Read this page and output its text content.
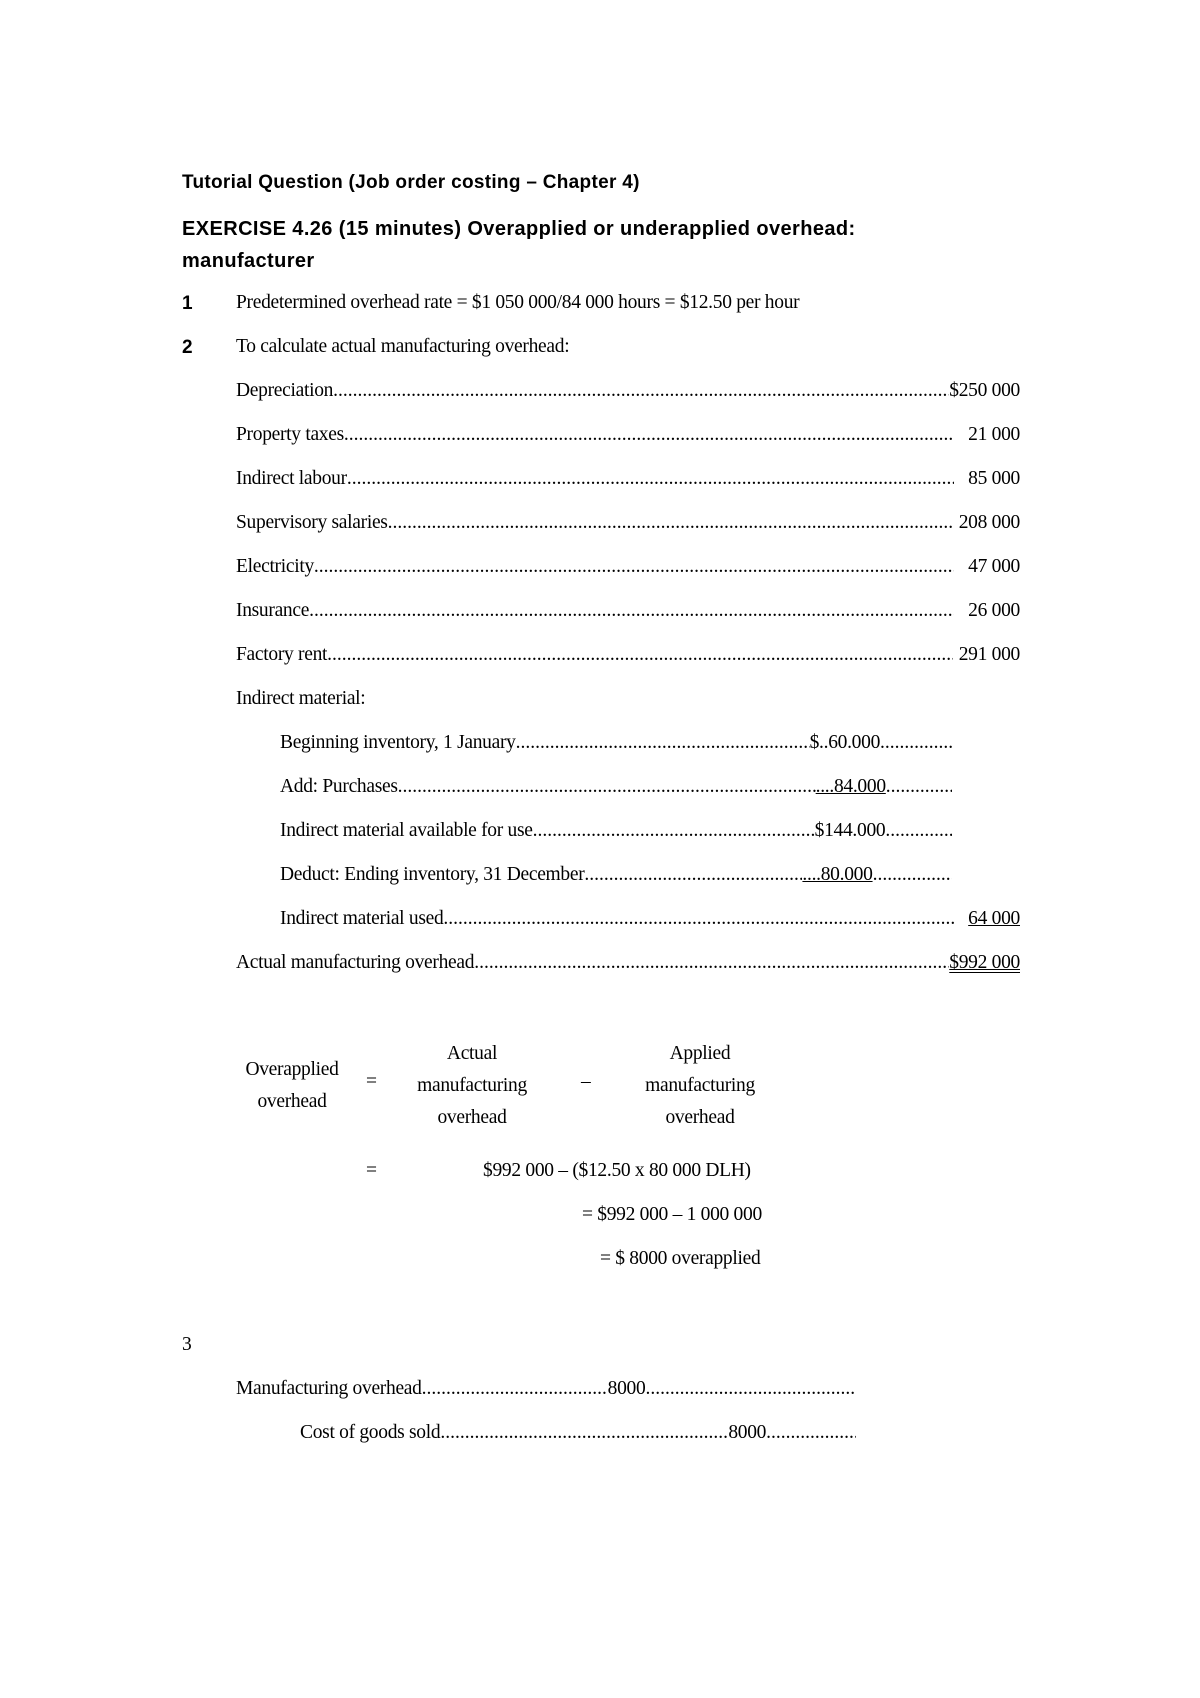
Tutorial Question (Job order costing – Chapter 4)
EXERCISE 4.26 (15 minutes) Overapplied or underapplied overhead:
manufacturer
1 Predetermined overhead rate = $1 050 000/84 000 hours = $12.50 per hour
2 To calculate actual manufacturing overhead:
Depreciation .....	$250 000
Property taxes .....	21 000
Indirect labour .....	85 000
Supervisory salaries .....	208 000
Electricity .....	47 000
Insurance .....	26 000
Factory rent .....	291 000
Indirect material:
Beginning inventory, 1 January .....	$..60.000
.....
Add: Purchases .....	....84.000
.....
Indirect material available for use .....	$144.000
.....
Deduct: Ending inventory, 31 December .....	....80.000
.....
Indirect material used .....	64 000
Actual manufacturing overhead .....	$992 000
Overapplied
overhead
=
Actual
manufacturing
overhead
–
Applied
manufacturing
overhead
=	$992 000 – ($12.50 x 80 000 DLH)
= $992 000 – 1 000 000
= $ 8000 overapplied
3
Manufacturing overhead .....	8000
.....
Cost of goods sold .....	8000
.....
